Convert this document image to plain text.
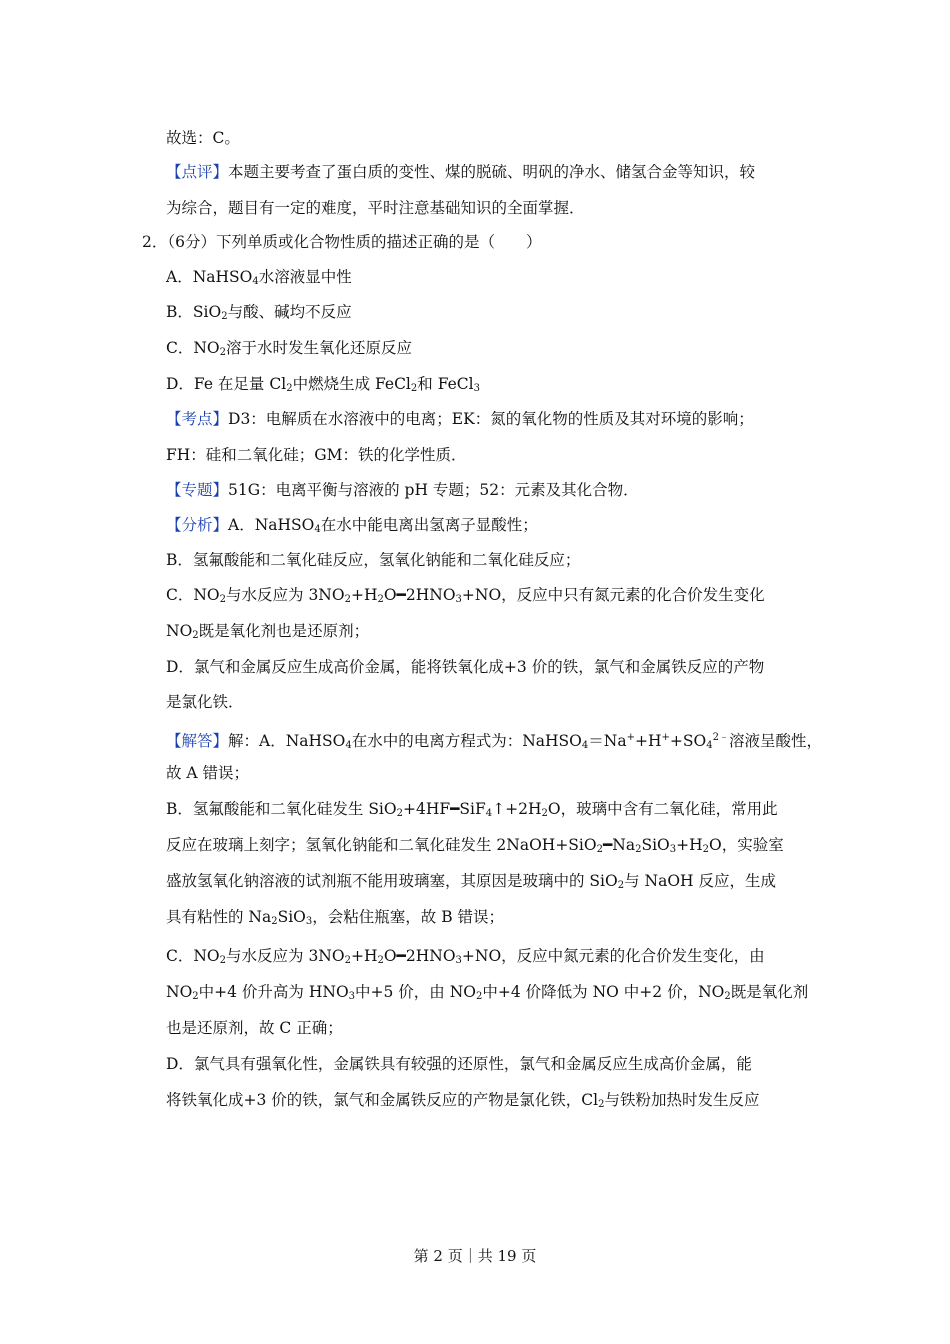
故选：C。
【点评】本题主要考查了蛋白质的变性、煤的脱硫、明矾的净水、储氢合金等知识，较
为综合，题目有一定的难度，平时注意基础知识的全面掌握．
2．（6分）下列单质或化合物性质的描述正确的是（　　）
A．NaHSO$_4$水溶液显中性
B．SiO$_2$与酸、碱均不反应
C．$NO_2$溶于水时发生氧化还原反应
D．Fe 在足量 $Cl_2$中燃烧生成 FeCl$_2$和 FeCl$_3$
【考点】D3：电解质在水溶液中的电离；EK：氮的氧化物的性质及其对环境的影响；
FH：硅和二氧化硅；GM：铁的化学性质．
【专题】51G：电离平衡与溶液的 pH 专题；52：元素及其化合物．
【分析】A．NaHSO$_4$在水中能电离出氢离子显酸性；
B．氢氟酸能和二氧化硅反应，氢氧化钠能和二氧化硅反应；
C．$NO_2$与水反应为 $3NO_2+H_2O━2HNO_3+NO$，反应中只有氮元素的化合价发生变化
$NO_2$既是氧化剂也是还原剂；
D．氯气和金属反应生成高价金属，能将铁氧化成+3 价的铁，氯气和金属铁反应的产物
是氯化铁．
【解答】解：A．NaHSO$_4$在水中的电离方程式为：$NaHSO_4=Na^++H^++SO_4^{2﹣}$溶液呈酸性，
故 A 错误；
B．氢氟酸能和二氧化硅发生 $SiO_2+4HF━SiF_4↑+2H_2O$，玻璃中含有二氧化硅，常用此
反应在玻璃上刻字；氢氧化钠能和二氧化硅发生 $2NaOH+SiO_2━Na_2SiO_3+H_2O$，实验室
盛放氢氧化钠溶液的试剂瓶不能用玻璃塞，其原因是玻璃中的 SiO$_2$与 NaOH 反应，生成
具有粘性的 $Na_2SiO_3$，会粘住瓶塞，故 B 错误；
C．$NO_2$与水反应为 $3NO_2+H_2O━2HNO_3+NO$，反应中氮元素的化合价发生变化，由
$NO_2$中+4 价升高为 $HNO_3$中+5 价，由 $NO_2$中+4 价降低为 NO 中+2 价，$NO_2$既是氧化剂
也是还原剂，故 C 正确；
D．氯气具有强氧化性，金属铁具有较强的还原性，氯气和金属反应生成高价金属，能
将铁氧化成+3 价的铁，氯气和金属铁反应的产物是氯化铁，$Cl_2$与铁粉加热时发生反应
第 2 页｜共 19 页
